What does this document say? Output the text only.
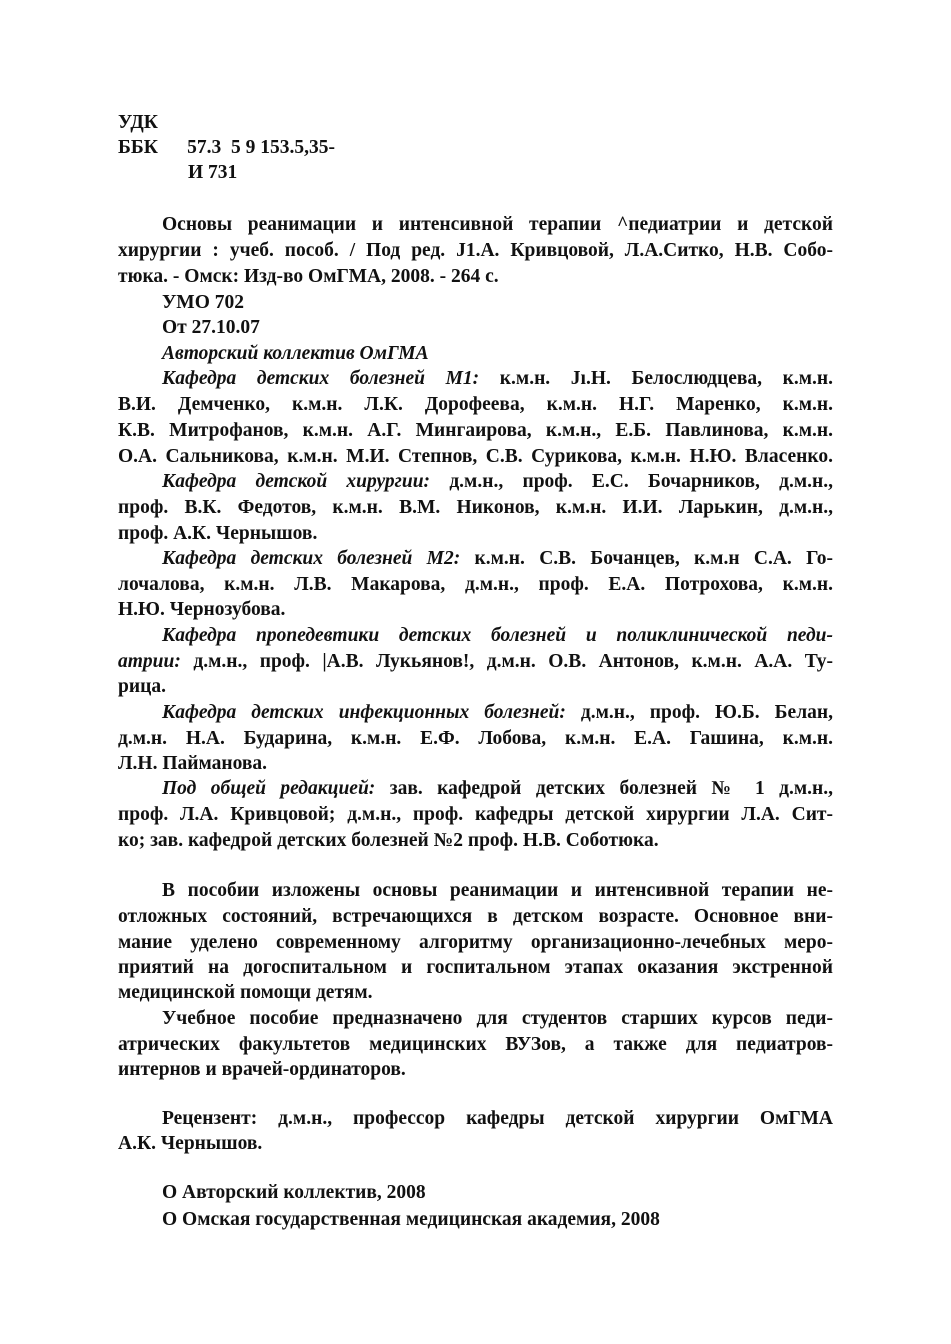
УДК
ББК      57.3  5 9 153.5,35-
И 731
Основы реанимации и интенсивной терапии ^педиатрии и детской
хирургии : учеб. пособ. / Под ред. J1.А. Кривцовой, Л.А.Ситко, Н.В. Собо-
тюка. - Омск: Изд-во ОмГМА, 2008. - 264 с.
УМО 702
От 27.10.07
Авторский коллектив ОмГМА
Кафедра детских болезней М1: к.м.н. Jı.Н. Белослюдцева, к.м.н.
В.И. Демченко, к.м.н. Л.К. Дорофеева, к.м.н. Н.Г. Маренко, к.м.н.
К.В. Митрофанов, к.м.н. А.Г. Мингаирова, к.м.н., Е.Б. Павлинова, к.м.н.
О.А. Сальникова, к.м.н. М.И. Степнов, С.В. Сурикова, к.м.н. Н.Ю. Власенко.
Кафедра детской хирургии: д.м.н., проф. Е.С. Бочарников, д.м.н.,
проф. В.К. Федотов, к.м.н. В.М. Никонов, к.м.н. И.И. Ларькин, д.м.н.,
проф. А.К. Чернышов.
Кафедра детских болезней М2: к.м.н. С.В. Бочанцев, к.м.н С.А. Го-
лочалова, к.м.н. Л.В. Макарова, д.м.н., проф. Е.А. Потрохова, к.м.н.
Н.Ю. Чернозубова.
Кафедра пропедевтики детских болезней и поликлинической педи-
атрии: д.м.н., проф. |А.В. Лукьянов!, д.м.н. О.В. Антонов, к.м.н. А.А. Ту-
рица.
Кафедра детских инфекционных болезней: д.м.н., проф. Ю.Б. Белан,
д.м.н. Н.А. Бударина, к.м.н. Е.Ф. Лобова, к.м.н. Е.А. Гашина, к.м.н.
Л.Н. Пайманова.
Под общей редакцией: зав. кафедрой детских болезней № 1 д.м.н.,
проф. Л.А. Кривцовой; д.м.н., проф. кафедры детской хирургии Л.А. Сит-
ко; зав. кафедрой детских болезней №2 проф. Н.В. Соботюка.
В пособии изложены основы реанимации и интенсивной терапии не-
отложных состояний, встречающихся в детском возрасте. Основное вни-
мание уделено современному алгоритму организационно-лечебных меро-
приятий на догоспитальном и госпитальном этапах оказания экстренной
медицинской помощи детям.
Учебное пособие предназначено для студентов старших курсов педи-
атрических факультетов медицинских ВУЗов, а также для педиатров-
интернов и врачей-ординаторов.
Рецензент: д.м.н., профессор кафедры детской хирургии ОмГМА
А.К. Чернышов.
О Авторский коллектив, 2008
О Омская государственная медицинская академия, 2008
